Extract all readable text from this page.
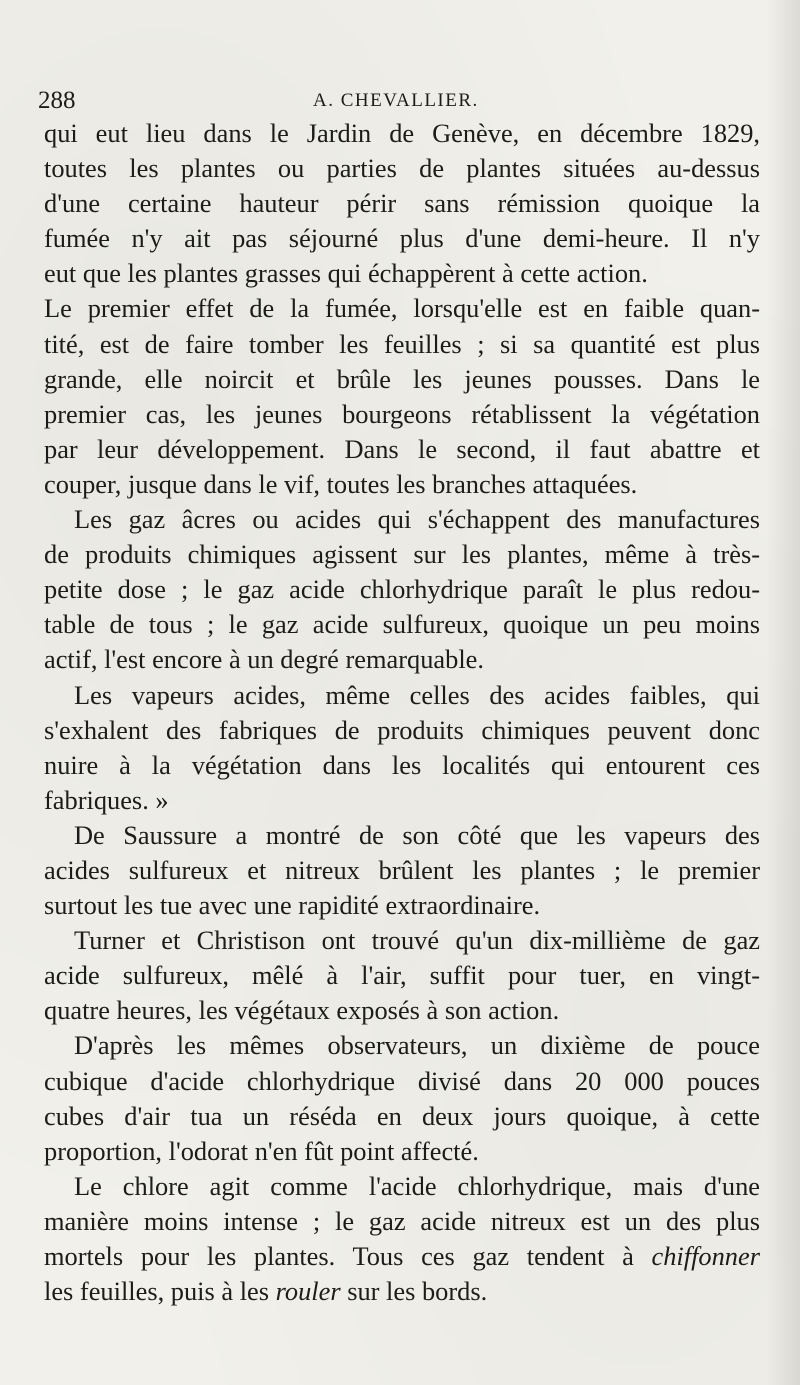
288	A. CHEVALLIER.
qui eut lieu dans le Jardin de Genève, en décembre 1829,
toutes les plantes ou parties de plantes situées au-dessus
d'une certaine hauteur périr sans rémission quoique la
fumée n'y ait pas séjourné plus d'une demi-heure. Il n'y
eut que les plantes grasses qui échappèrent à cette action.
Le premier effet de la fumée, lorsqu'elle est en faible quan-
tité, est de faire tomber les feuilles ; si sa quantité est plus
grande, elle noircit et brûle les jeunes pousses. Dans le
premier cas, les jeunes bourgeons rétablissent la végétation
par leur développement. Dans le second, il faut abattre et
couper, jusque dans le vif, toutes les branches attaquées.
Les gaz âcres ou acides qui s'échappent des manufactures
de produits chimiques agissent sur les plantes, même à très-
petite dose ; le gaz acide chlorhydrique paraît le plus redou-
table de tous ; le gaz acide sulfureux, quoique un peu moins
actif, l'est encore à un degré remarquable.
Les vapeurs acides, même celles des acides faibles, qui
s'exhalent des fabriques de produits chimiques peuvent donc
nuire à la végétation dans les localités qui entourent ces
fabriques. »
De Saussure a montré de son côté que les vapeurs des
acides sulfureux et nitreux brûlent les plantes ; le premier
surtout les tue avec une rapidité extraordinaire.
Turner et Christison ont trouvé qu'un dix-millième de gaz
acide sulfureux, mêlé à l'air, suffit pour tuer, en vingt-
quatre heures, les végétaux exposés à son action.
D'après les mêmes observateurs, un dixième de pouce
cubique d'acide chlorhydrique divisé dans 20 000 pouces
cubes d'air tua un réséda en deux jours quoique, à cette
proportion, l'odorat n'en fût point affecté.
Le chlore agit comme l'acide chlorhydrique, mais d'une
manière moins intense ; le gaz acide nitreux est un des plus
mortels pour les plantes. Tous ces gaz tendent à chiffonner
les feuilles, puis à les rouler sur les bords.
